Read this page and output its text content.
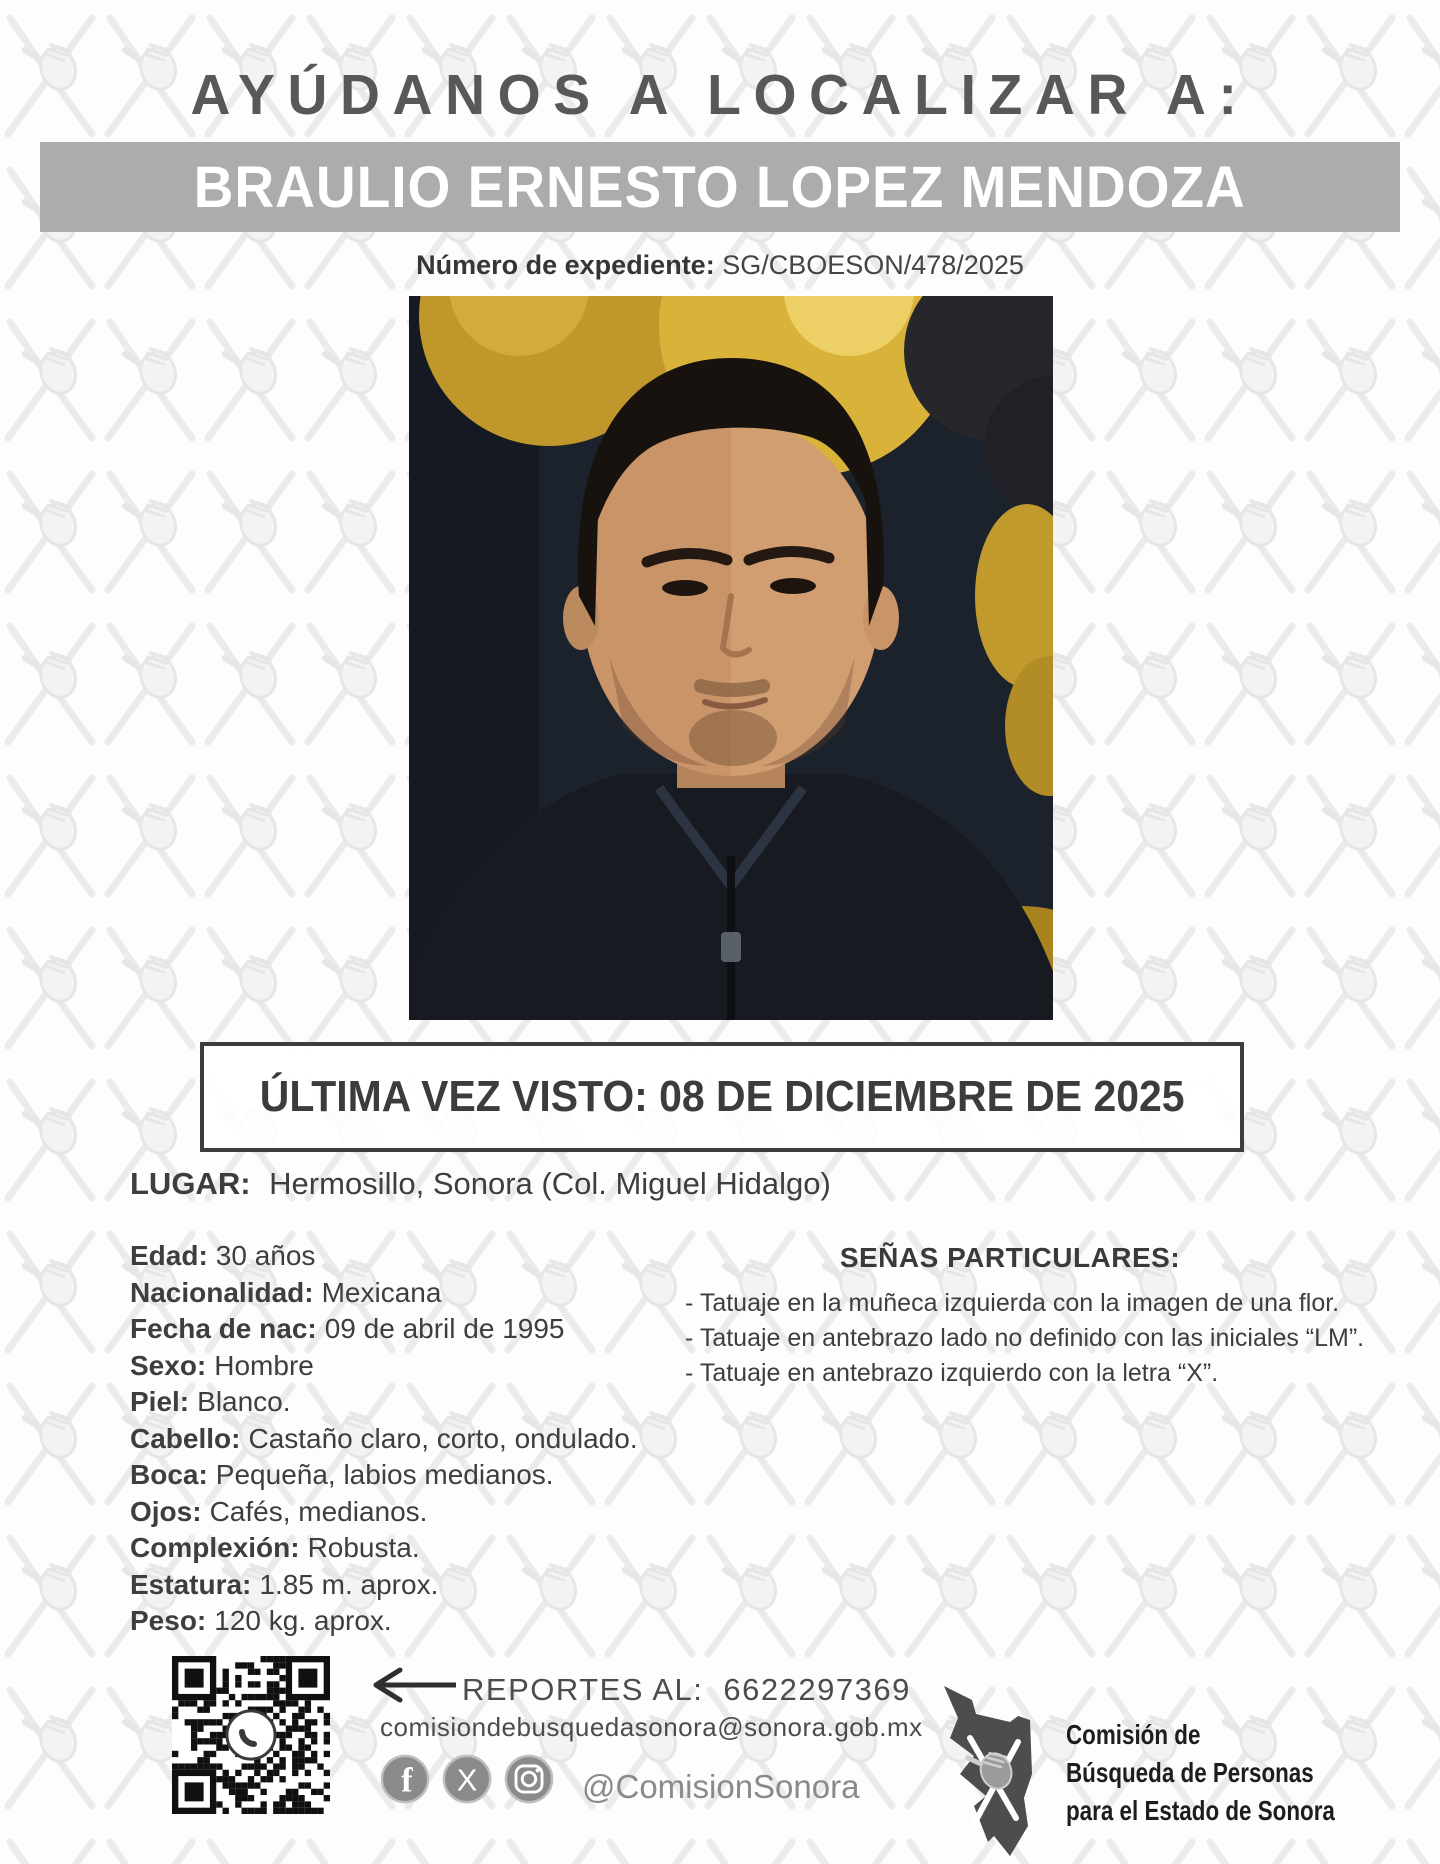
AYÚDANOS A LOCALIZAR A:
BRAULIO ERNESTO LOPEZ MENDOZA
Número de expediente: SG/CBOESON/478/2025
ÚLTIMA VEZ VISTO: 08 DE DICIEMBRE DE 2025
LUGAR: Hermosillo, Sonora (Col. Miguel Hidalgo)
Edad: 30 años
Nacionalidad: Mexicana
Fecha de nac: 09 de abril de 1995
Sexo: Hombre
Piel: Blanco.
Cabello: Castaño claro, corto, ondulado.
Boca: Pequeña, labios medianos.
Ojos: Cafés, medianos.
Complexión: Robusta.
Estatura: 1.85 m. aprox.
Peso: 120 kg. aprox.
SEÑAS PARTICULARES:
- Tatuaje en la muñeca izquierda con la imagen de una flor.
- Tatuaje en antebrazo lado no definido con las iniciales “LM”.
- Tatuaje en antebrazo izquierdo con la letra “X”.
REPORTES AL: 6622297369
comisiondebusquedasonora@sonora.gob.mx
f X	@ComisionSonora
Comisión de
Búsqueda de Personas
para el Estado de Sonora
